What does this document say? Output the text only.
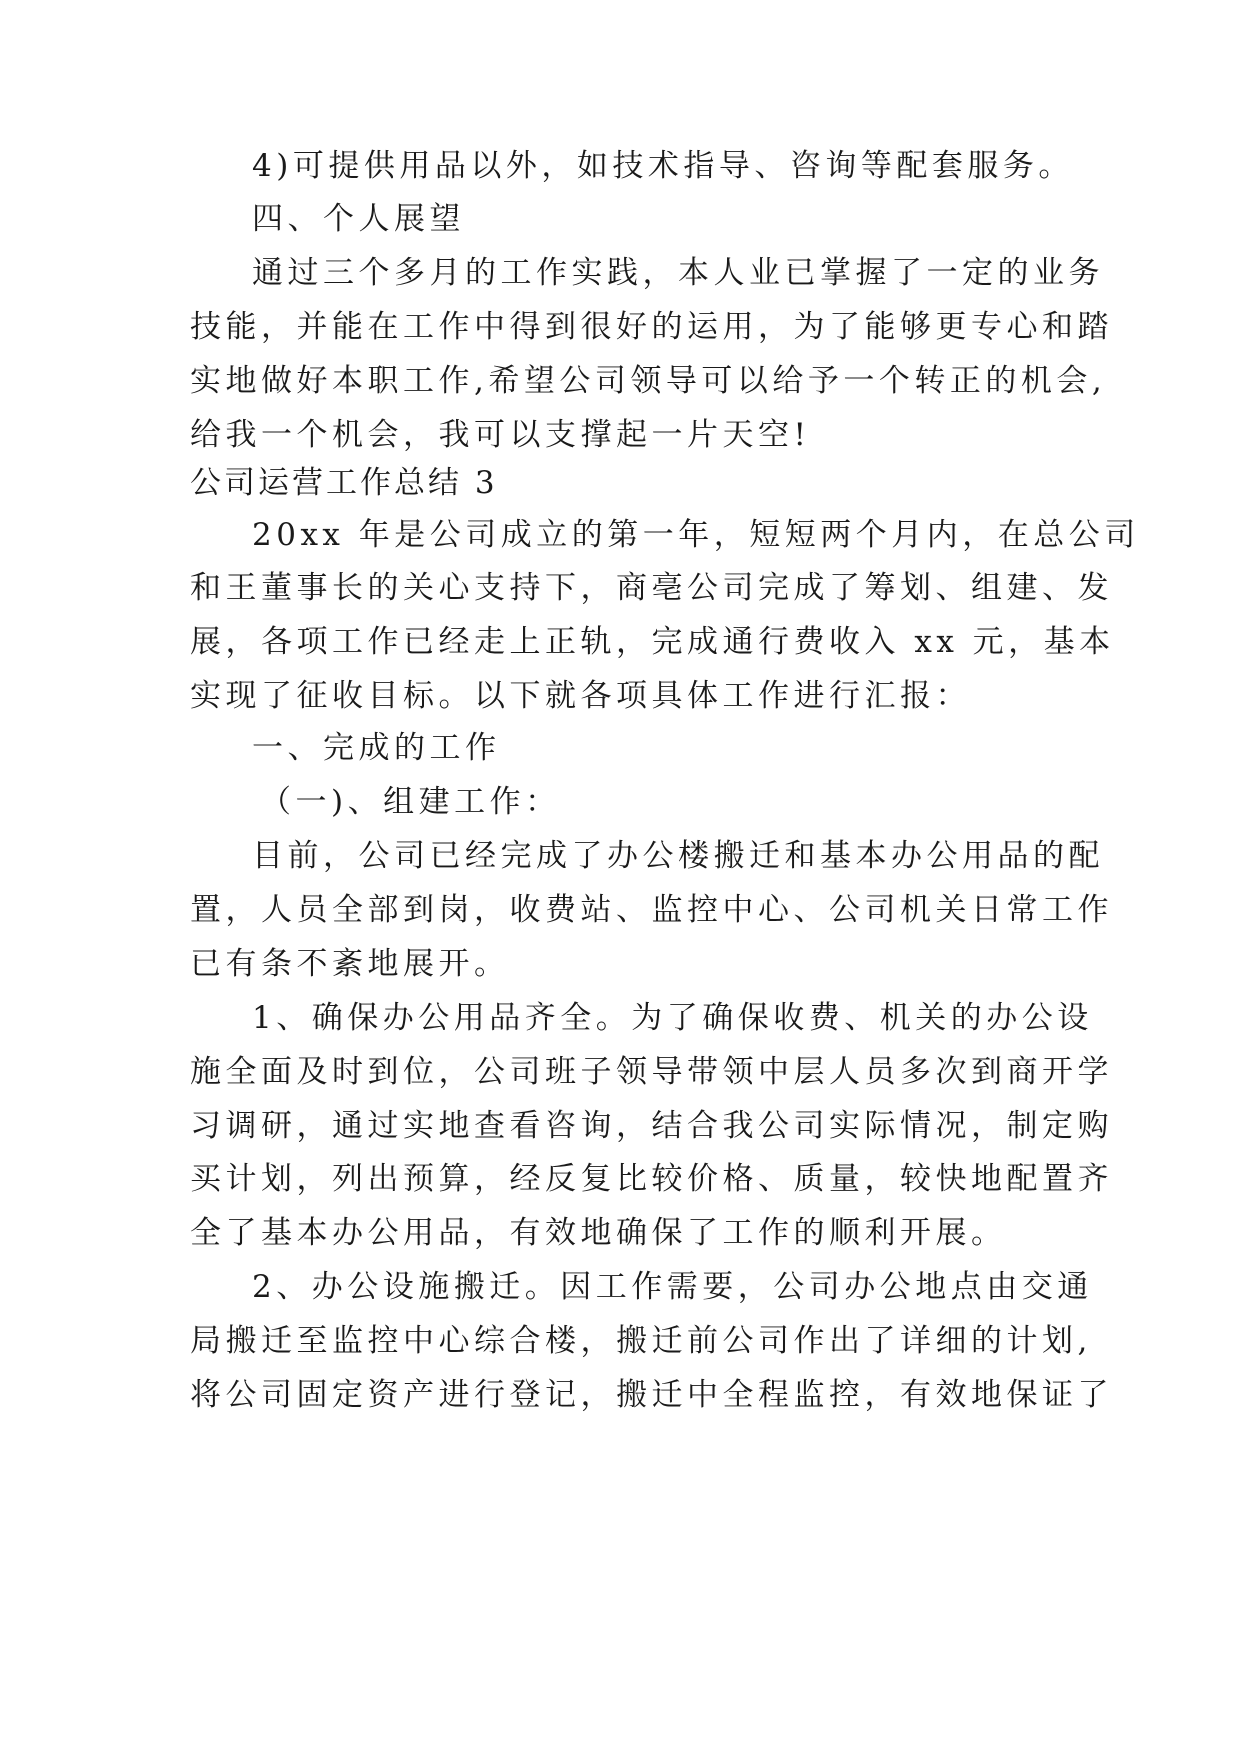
4)可提供用品以外，如技术指导、咨询等配套服务。
四、个人展望
通过三个多月的工作实践，本人业已掌握了一定的业务
技能，并能在工作中得到很好的运用，为了能够更专心和踏
实地做好本职工作,希望公司领导可以给予一个转正的机会,
给我一个机会，我可以支撑起一片天空!
公司运营工作总结 3
20xx 年是公司成立的第一年，短短两个月内，在总公司
和王董事长的关心支持下，商亳公司完成了筹划、组建、发
展，各项工作已经走上正轨，完成通行费收入 xx 元，基本
实现了征收目标。以下就各项具体工作进行汇报：
一、完成的工作
（一)、组建工作：
目前，公司已经完成了办公楼搬迁和基本办公用品的配
置，人员全部到岗，收费站、监控中心、公司机关日常工作
已有条不紊地展开。
1、确保办公用品齐全。为了确保收费、机关的办公设
施全面及时到位，公司班子领导带领中层人员多次到商开学
习调研，通过实地查看咨询，结合我公司实际情况，制定购
买计划，列出预算，经反复比较价格、质量，较快地配置齐
全了基本办公用品，有效地确保了工作的顺利开展。
2、办公设施搬迁。因工作需要，公司办公地点由交通
局搬迁至监控中心综合楼，搬迁前公司作出了详细的计划,
将公司固定资产进行登记，搬迁中全程监控，有效地保证了
